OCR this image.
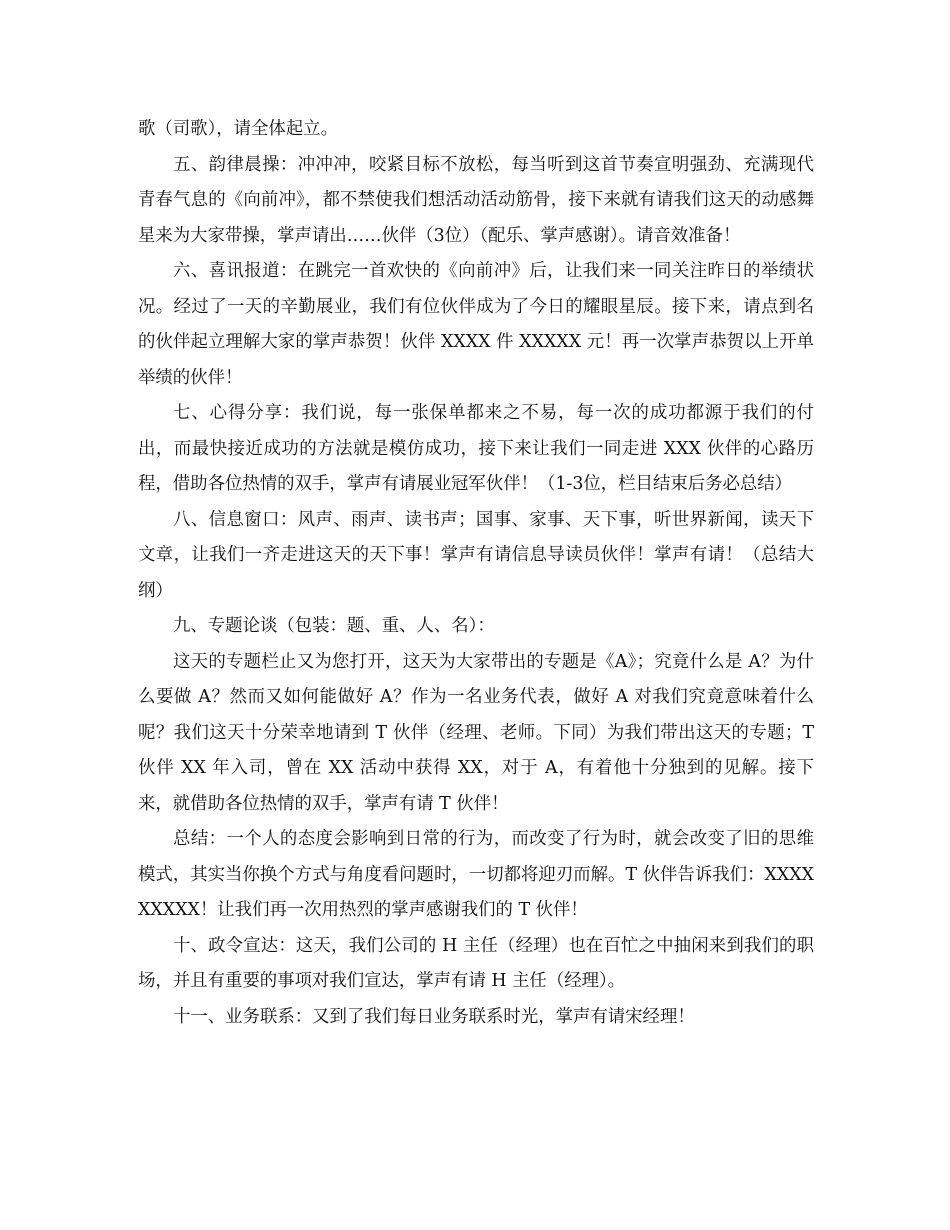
歌（司歌），请全体起立。

五、韵律晨操：冲冲冲，咬紧目标不放松，每当听到这首节奏宣明强劲、充满现代青春气息的《向前冲》，都不禁使我们想活动活动筋骨，接下来就有请我们这天的动感舞星来为大家带操，掌声请出……伙伴（3位）（配乐、掌声感谢）。请音效准备！

六、喜讯报道：在跳完一首欢快的《向前冲》后，让我们来一同关注昨日的举绩状况。经过了一天的辛勤展业，我们有位伙伴成为了今日的耀眼星辰。接下来，请点到名的伙伴起立理解大家的掌声恭贺！伙伴 XXXX 件 XXXXX 元！再一次掌声恭贺以上开单举绩的伙伴！

七、心得分享：我们说，每一张保单都来之不易，每一次的成功都源于我们的付出，而最快接近成功的方法就是模仿成功，接下来让我们一同走进 XXX 伙伴的心路历程，借助各位热情的双手，掌声有请展业冠军伙伴！（1-3位，栏目结束后务必总结）

八、信息窗口：风声、雨声、读书声；国事、家事、天下事，听世界新闻，读天下文章，让我们一齐走进这天的天下事！掌声有请信息导读员伙伴！掌声有请！（总结大纲）

九、专题论谈（包装：题、重、人、名）：

这天的专题栏止又为您打开，这天为大家带出的专题是《A》；究竟什么是 A？为什么要做 A？然而又如何能做好 A？作为一名业务代表，做好 A 对我们究竟意味着什么呢？我们这天十分荣幸地请到 T 伙伴（经理、老师。下同）为我们带出这天的专题；T 伙伴 XX 年入司，曾在 XX 活动中获得 XX，对于 A，有着他十分独到的见解。接下来，就借助各位热情的双手，掌声有请 T 伙伴！

总结：一个人的态度会影响到日常的行为，而改变了行为时，就会改变了旧的思维模式，其实当你换个方式与角度看问题时，一切都将迎刃而解。T 伙伴告诉我们：XXXXXXXXX！让我们再一次用热烈的掌声感谢我们的 T 伙伴！

十、政令宣达：这天，我们公司的 H 主任（经理）也在百忙之中抽闲来到我们的职场，并且有重要的事项对我们宣达，掌声有请 H 主任（经理）。

十一、业务联系：又到了我们每日业务联系时光，掌声有请宋经理！
